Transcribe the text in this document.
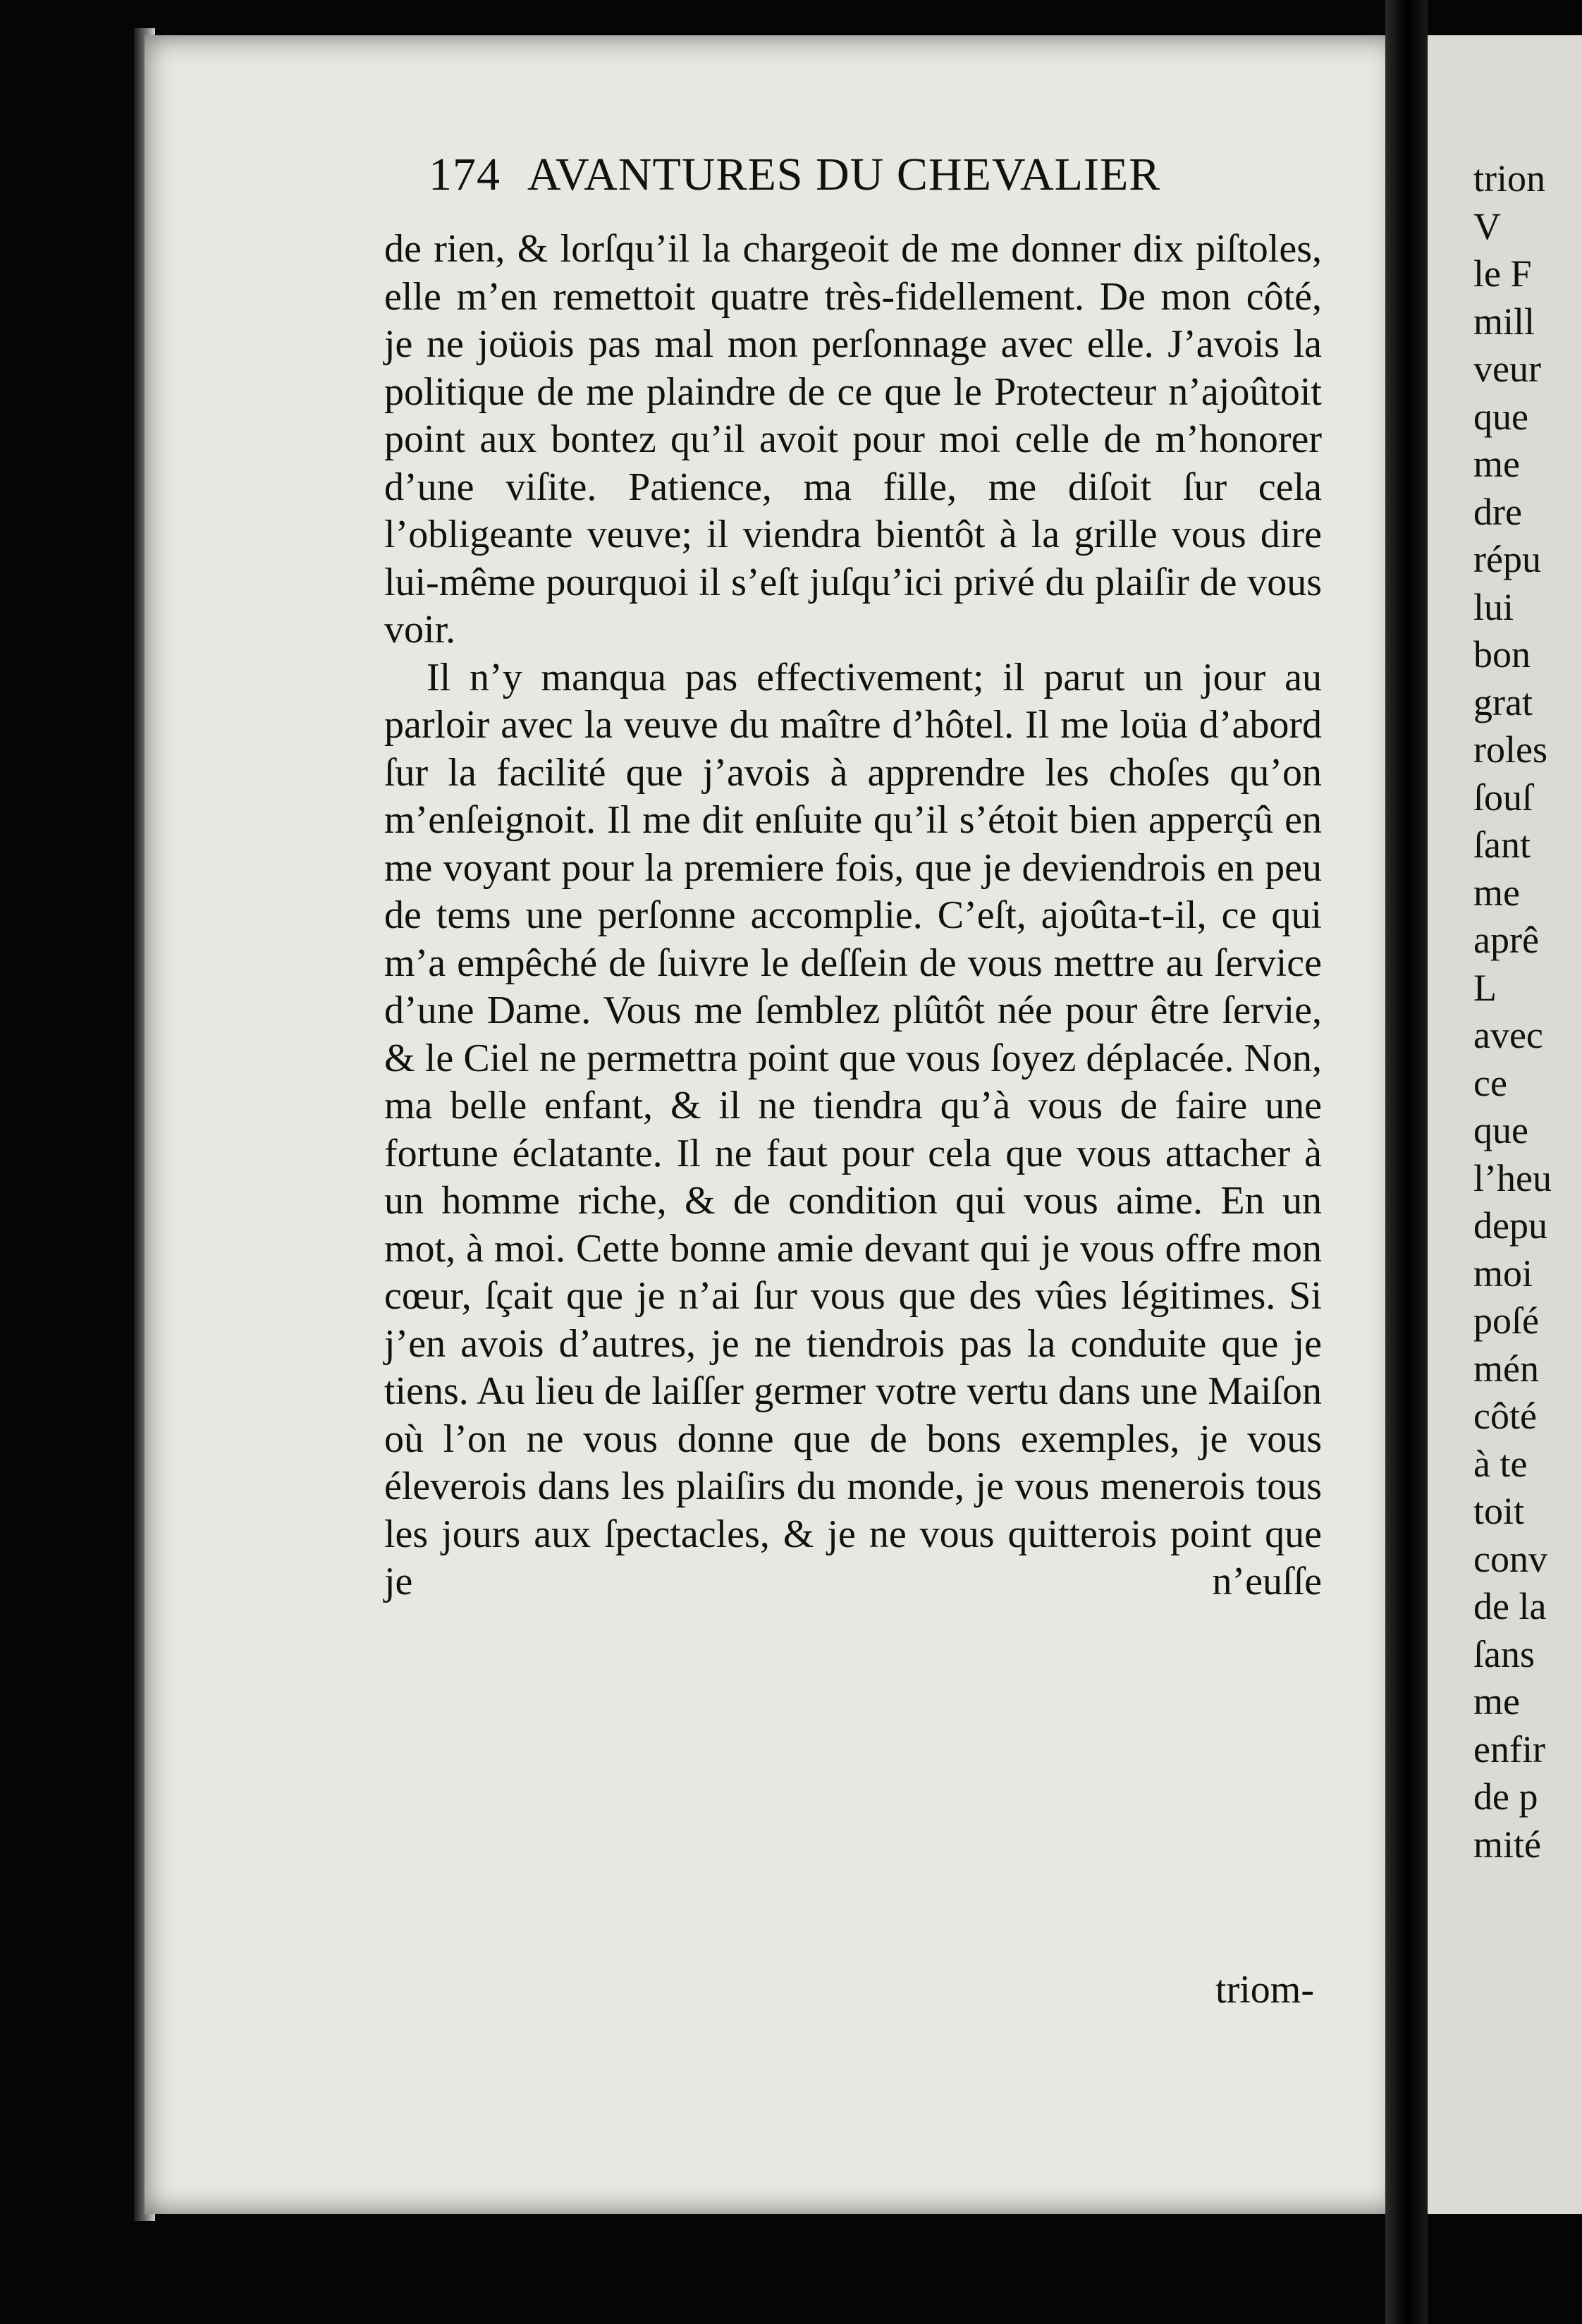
174 AVANTURES DU CHEVALIER

de rien, & lorſqu’il la chargeoit de me donner dix piſtoles, elle m’en remettoit quatre très-fidellement. De mon côté, je ne joüois pas mal mon perſonnage avec elle. J’avois la politique de me plaindre de ce que le Protecteur n’ajoûtoit point aux bontez qu’il avoit pour moi celle de m’honorer d’une viſite. Patience, ma fille, me diſoit ſur cela l’obligeante veuve; il viendra bientôt à la grille vous dire lui-même pourquoi il s’eſt juſqu’ici privé du plaiſir de vous voir.

Il n’y manqua pas effectivement; il parut un jour au parloir avec la veuve du maître d’hôtel. Il me loüa d’abord ſur la facilité que j’avois à apprendre les choſes qu’on m’enſeignoit. Il me dit enſuite qu’il s’étoit bien apperçû en me voyant pour la premiere fois, que je deviendrois en peu de tems une perſonne accomplie. C’eſt, ajoûta-t-il, ce qui m’a empêché de ſuivre le deſſein de vous mettre au ſervice d’une Dame. Vous me ſemblez plûtôt née pour être ſervie, & le Ciel ne permettra point que vous ſoyez déplacée. Non, ma belle enfant, & il ne tiendra qu’à vous de faire une fortune éclatante. Il ne faut pour cela que vous attacher à un homme riche, & de condition qui vous aime. En un mot, à moi. Cette bonne amie devant qui je vous offre mon cœur, ſçait que je n’ai ſur vous que des vûes légitimes. Si j’en avois d’autres, je ne tiendrois pas la conduite que je tiens. Au lieu de laiſſer germer votre vertu dans une Maiſon où l’on ne vous donne que de bons exemples, je vous éleverois dans les plaiſirs du monde, je vous menerois tous les jours aux ſpectacles, & je ne vous quitterois point que je n’euſſe

triom-
trion
V
le F
mill
veur
que
me
dre
répu
lui
bon
grat
roles
ſouſ
ſant
me
aprê
L
avec
ce
que
l’heu
depu
moi
poſé
mén
côté
à te
toit
conv
de la
ſans
me
enfir
de p
mité
